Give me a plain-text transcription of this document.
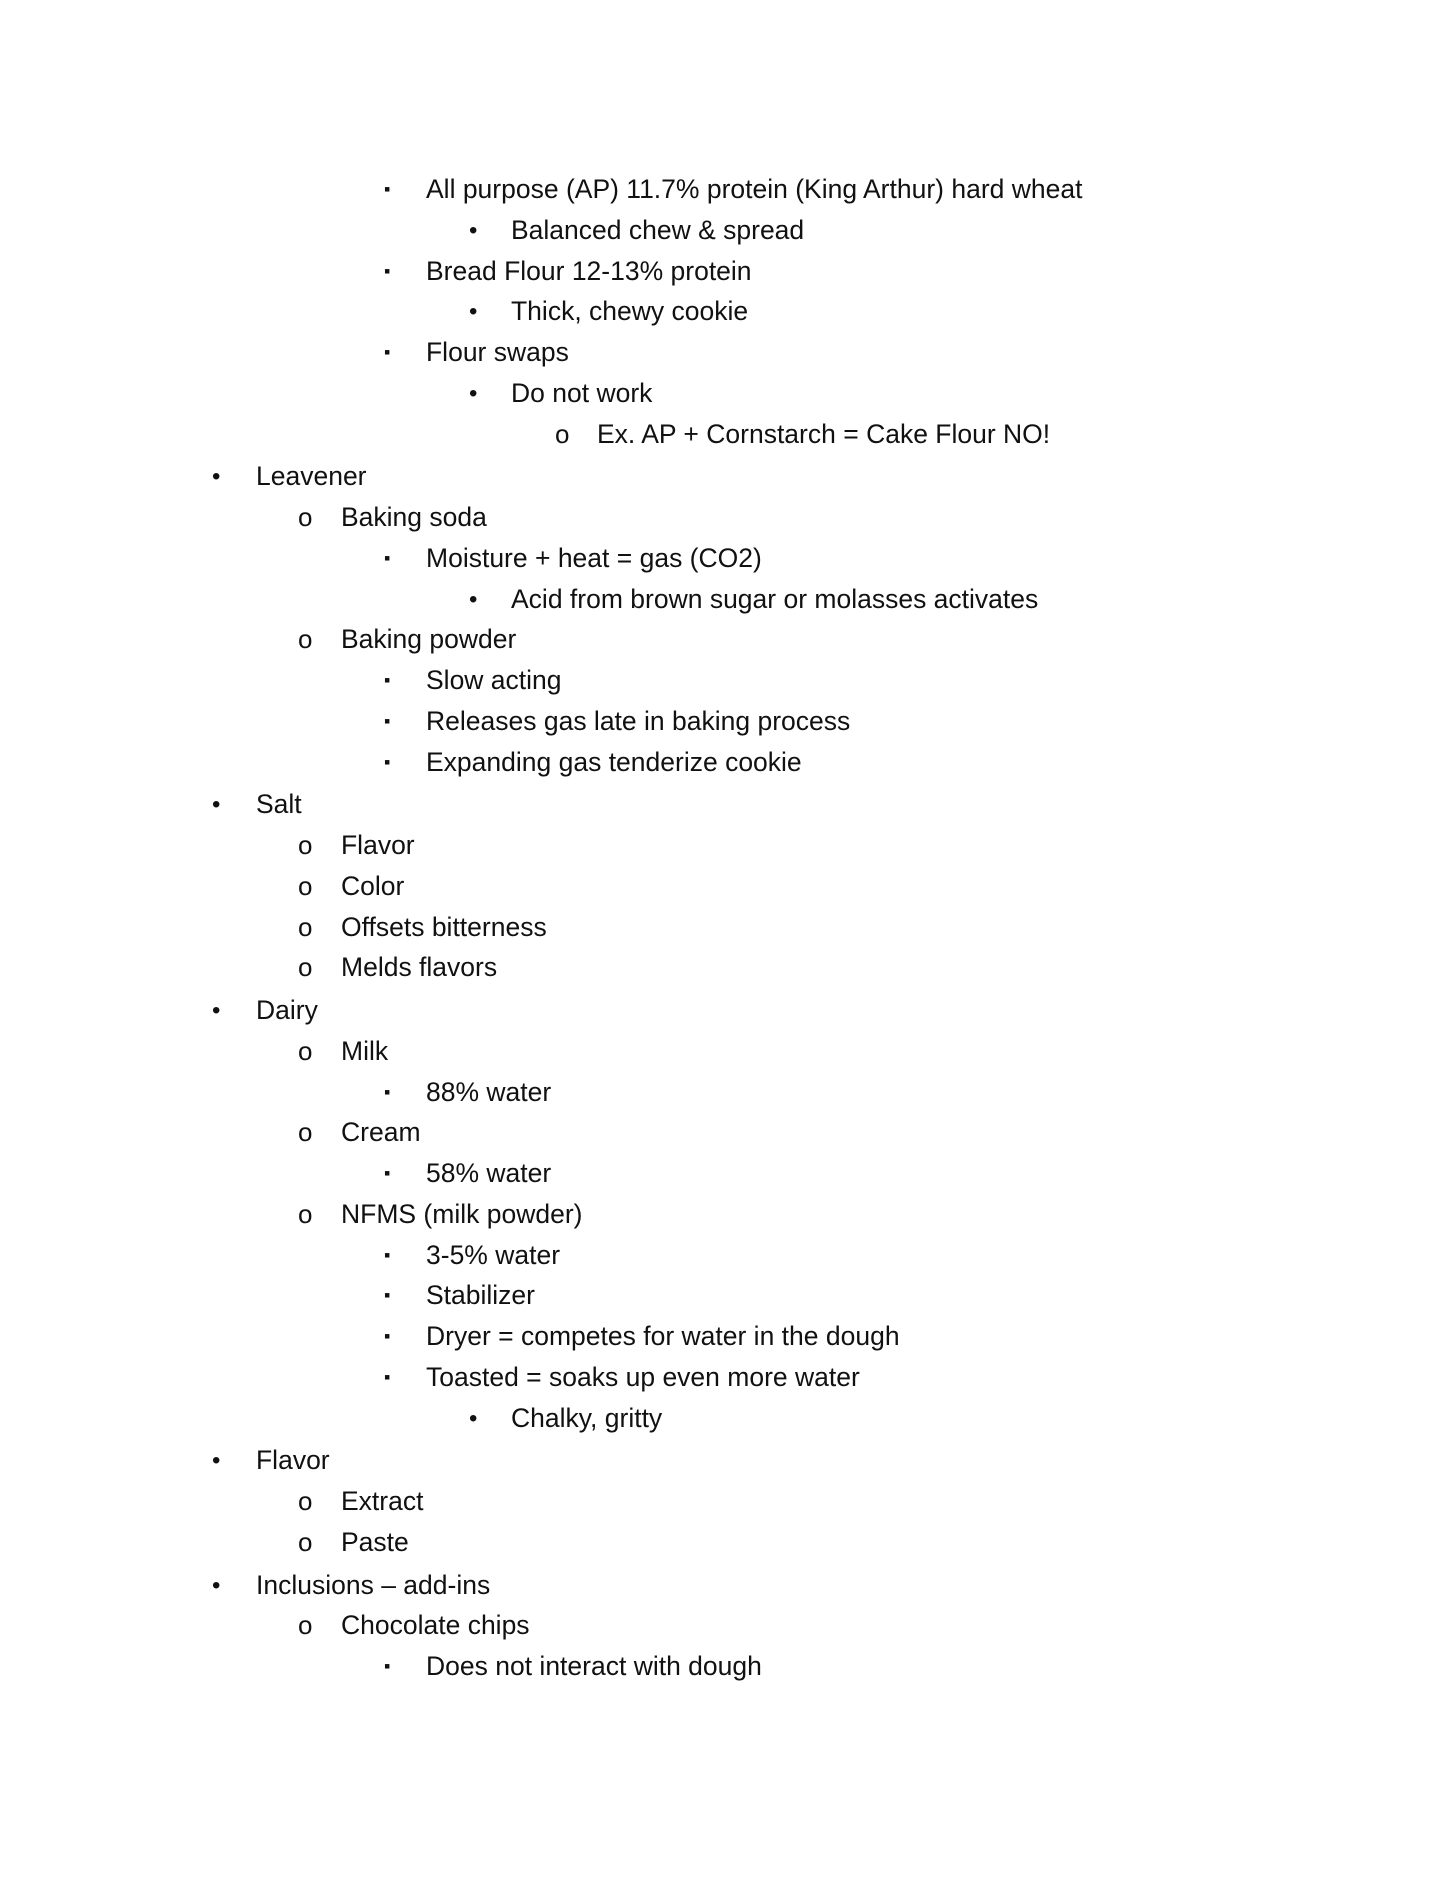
▪	All purpose (AP) 11.7% protein (King Arthur) hard wheat
•	Balanced chew & spread
▪	Bread Flour 12-13% protein
•	Thick, chewy cookie
▪	Flour swaps
•	Do not work
o	Ex. AP + Cornstarch = Cake Flour NO!
•	Leavener
o	Baking soda
▪	Moisture + heat = gas (CO2)
•	Acid from brown sugar or molasses activates
o	Baking powder
▪	Slow acting
▪	Releases gas late in baking process
▪	Expanding gas tenderize cookie
•	Salt
o	Flavor
o	Color
o	Offsets bitterness
o	Melds flavors
•	Dairy
o	Milk
▪	88% water
o	Cream
▪	58% water
o	NFMS (milk powder)
▪	3-5% water
▪	Stabilizer
▪	Dryer = competes for water in the dough
▪	Toasted = soaks up even more water
•	Chalky, gritty
•	Flavor
o	Extract
o	Paste
•	Inclusions – add-ins
o	Chocolate chips
▪	Does not interact with dough
